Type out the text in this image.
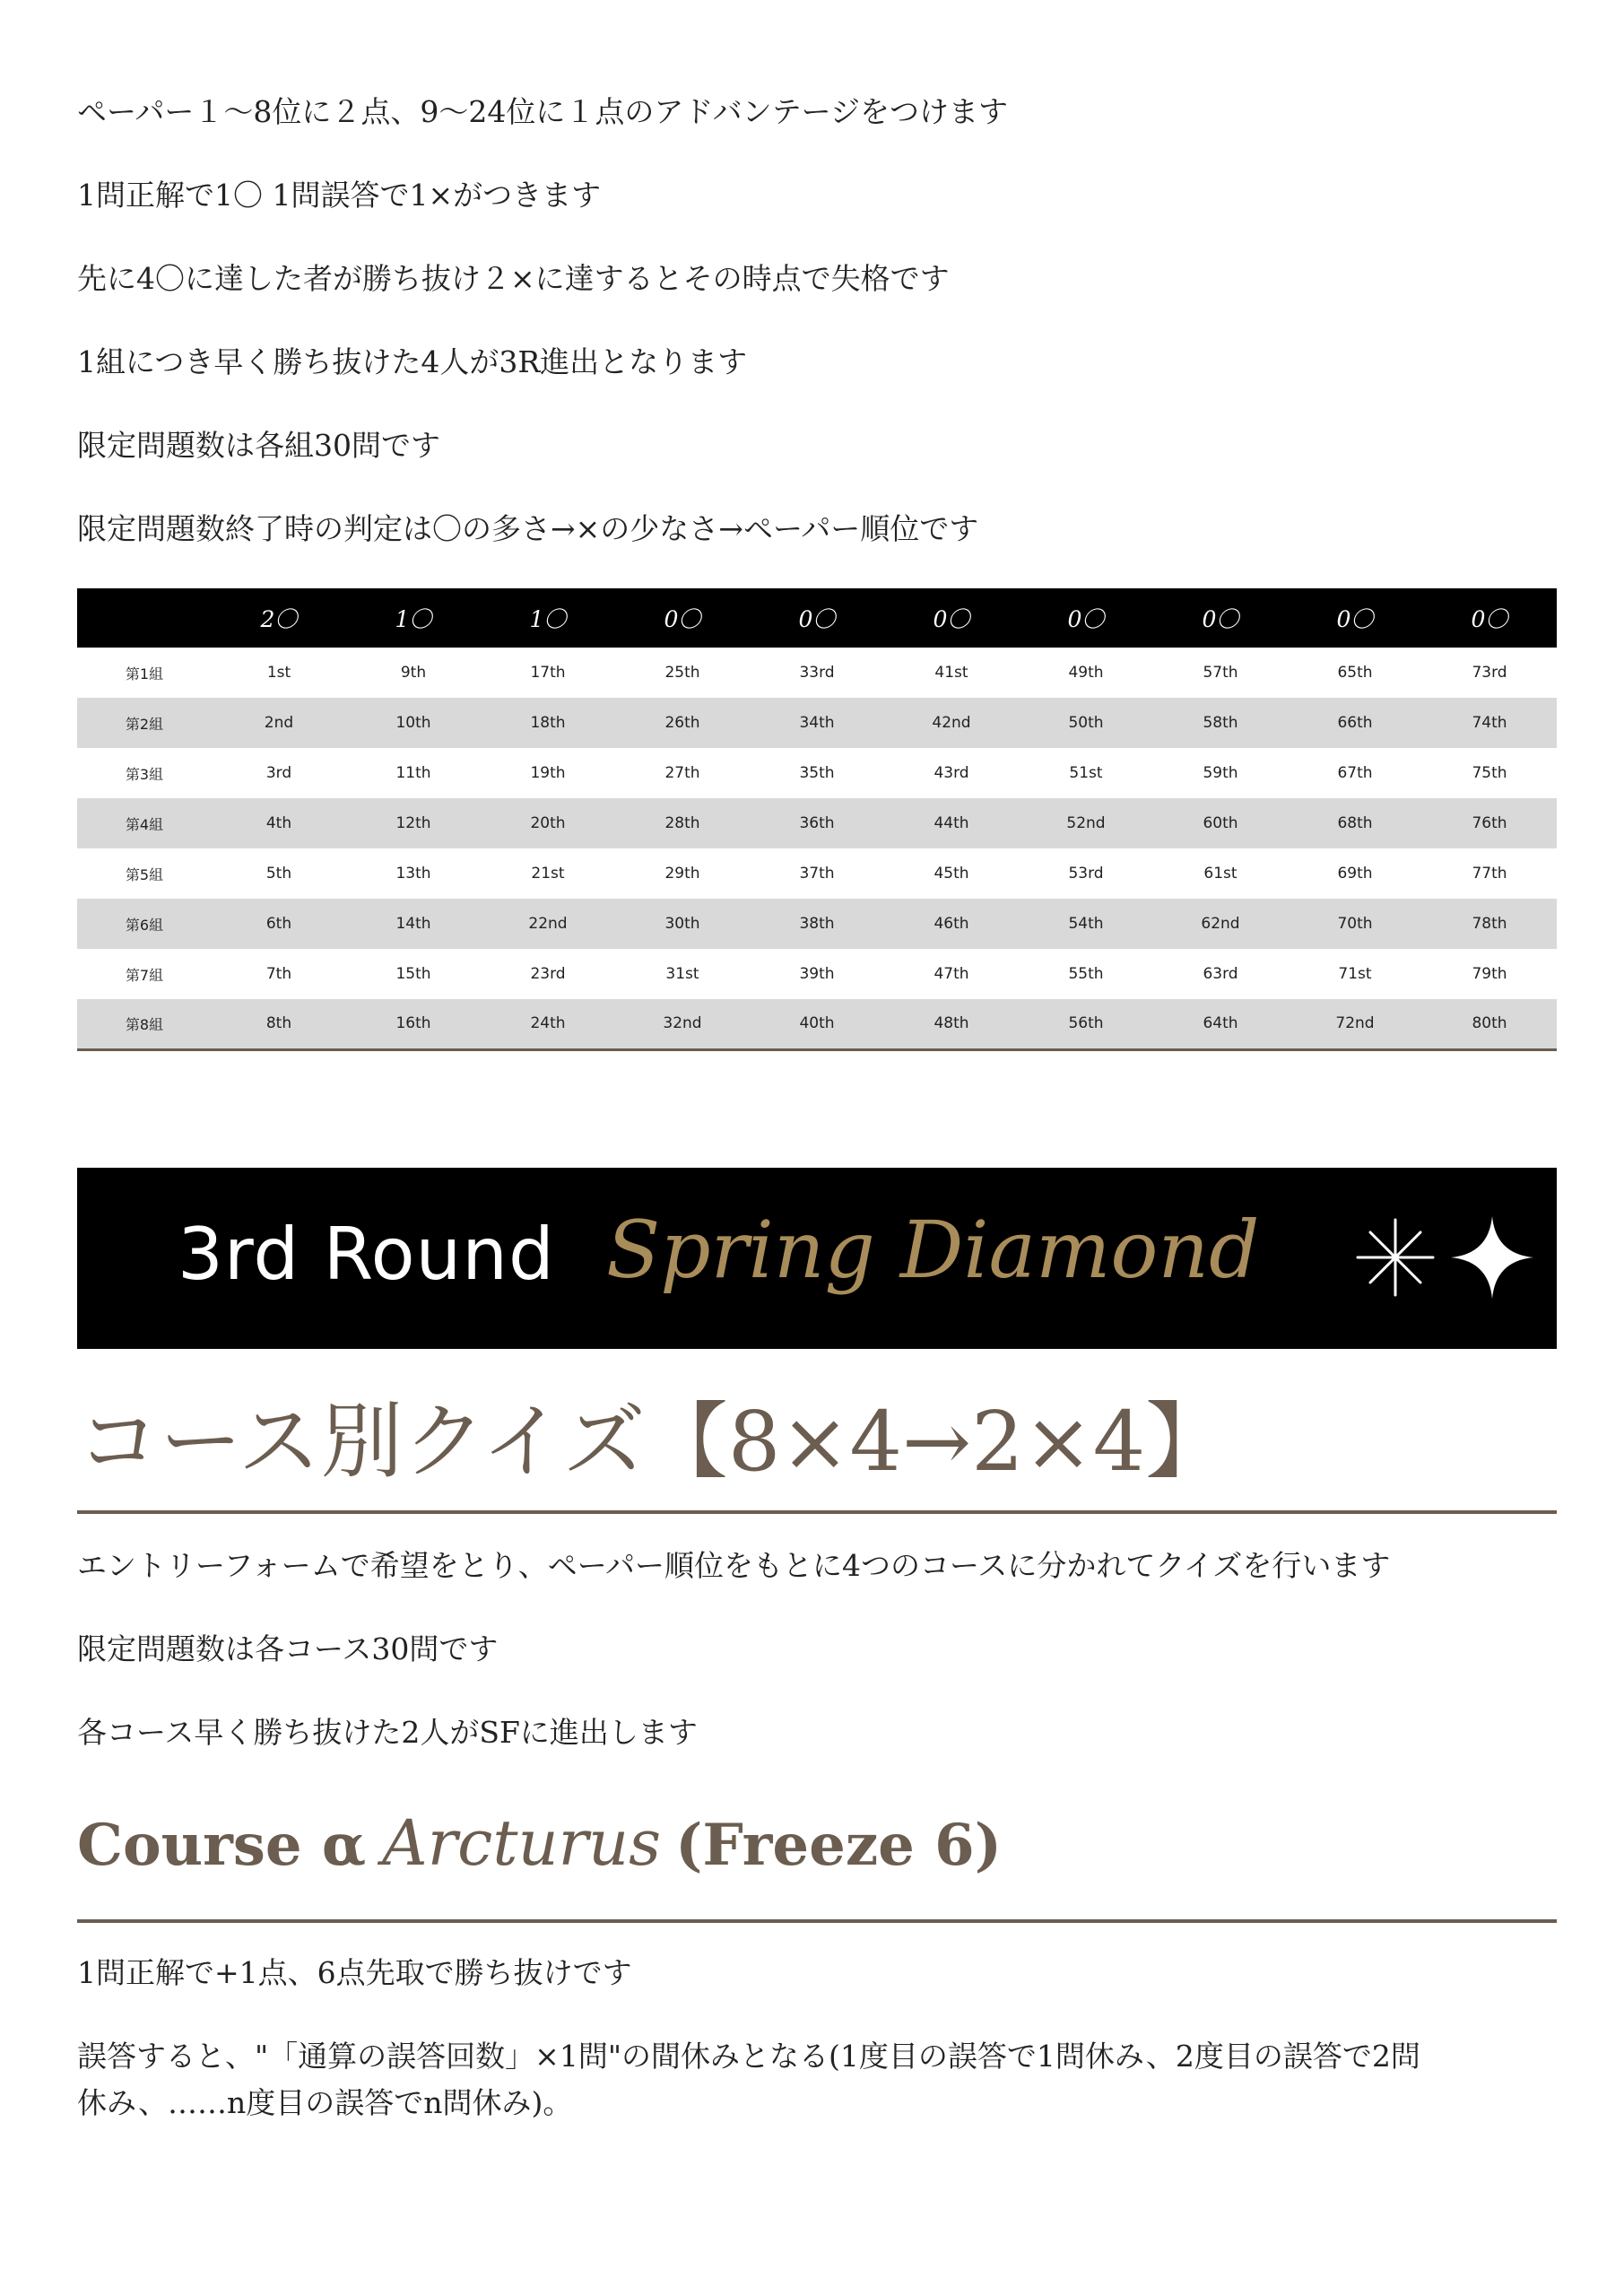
ペーパー１～8位に２点、9～24位に１点のアドバンテージをつけます

1問正解で1〇 1問誤答で1×がつきます

先に4〇に達した者が勝ち抜け２×に達するとその時点で失格です

1組につき早く勝ち抜けた4人が3R進出となります

限定問題数は各組30問です

限定問題数終了時の判定は〇の多さ→×の少なさ→ペーパー順位です

	2〇	1〇	1〇	0〇	0〇	0〇	0〇	0〇	0〇	0〇
第1組	1st	9th	17th	25th	33rd	41st	49th	57th	65th	73rd
第2組	2nd	10th	18th	26th	34th	42nd	50th	58th	66th	74th
第3組	3rd	11th	19th	27th	35th	43rd	51st	59th	67th	75th
第4組	4th	12th	20th	28th	36th	44th	52nd	60th	68th	76th
第5組	5th	13th	21st	29th	37th	45th	53rd	61st	69th	77th
第6組	6th	14th	22nd	30th	38th	46th	54th	62nd	70th	78th
第7組	7th	15th	23rd	31st	39th	47th	55th	63rd	71st	79th
第8組	8th	16th	24th	32nd	40th	48th	56th	64th	72nd	80th
3rd Round Spring Diamond
コース別クイズ【8×4→2×4】

エントリーフォームで希望をとり、ペーパー順位をもとに4つのコースに分かれてクイズを行います

限定問題数は各コース30問です

各コース早く勝ち抜けた2人がSFに進出します

Course α Arcturus (Freeze 6)

1問正解で+1点、6点先取で勝ち抜けです

誤答すると、"「通算の誤答回数」×1問"の間休みとなる(1度目の誤答で1問休み、2度目の誤答で2問

休み、……n度目の誤答でn問休み)。
